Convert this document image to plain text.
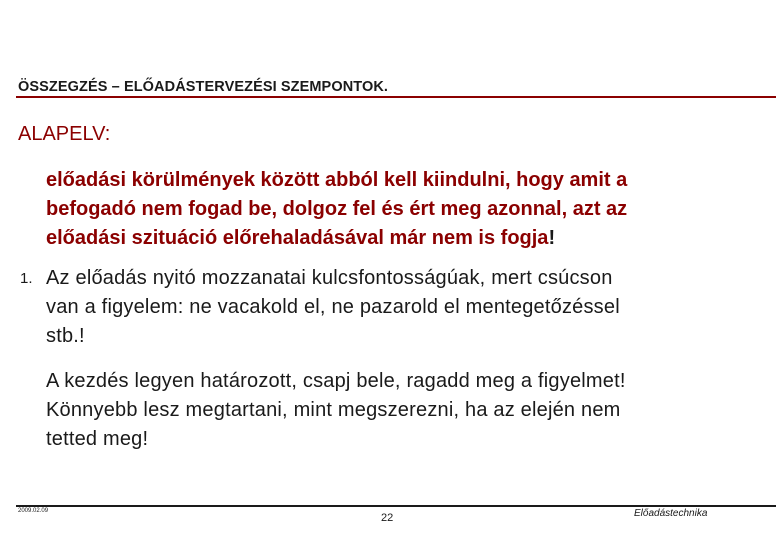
ÖSSZEGZÉS – ELŐADÁSTERVEZÉSI SZEMPONTOK.
ALAPELV:
előadási körülmények között abból kell kiindulni, hogy amit a
befogadó nem fogad be, dolgoz fel és ért meg azonnal, azt az
előadási szituáció előrehaladásával már nem is fogja!
1. Az előadás nyitó mozzanatai kulcsfontosságúak, mert csúcson
van a figyelem: ne vacakold el, ne pazarold el mentegetőzéssel
stb.!
A kezdés legyen határozott, csapj bele, ragadd meg a figyelmet!
Könnyebb lesz megtartani, mint megszerezni, ha az elején nem
tetted meg!
2009.02.09
22	Előadástechnika
